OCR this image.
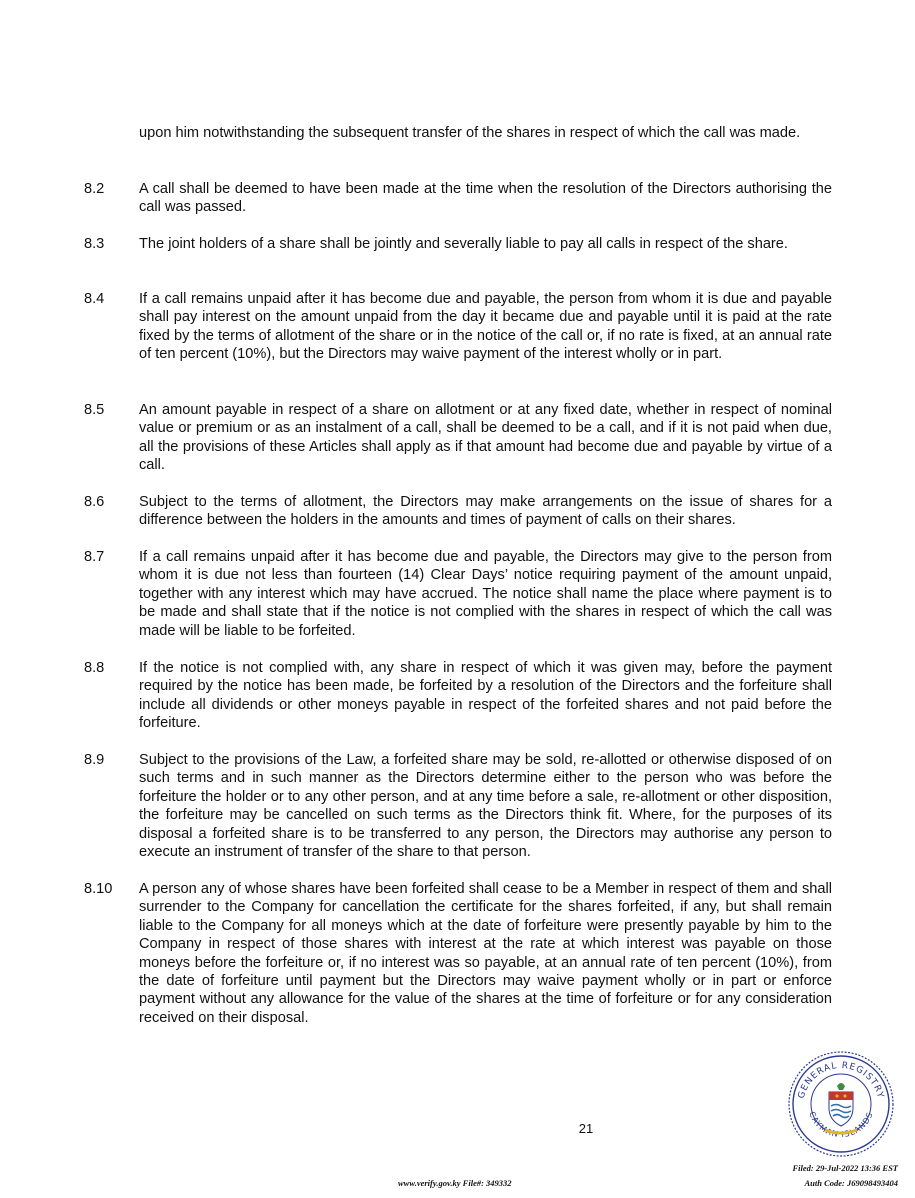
upon him notwithstanding the subsequent transfer of the shares in respect of which the call was made.

8.2	A call shall be deemed to have been made at the time when the resolution of the Directors authorising the call was passed.
8.3	The joint holders of a share shall be jointly and severally liable to pay all calls in respect of the share.
8.4	If a call remains unpaid after it has become due and payable, the person from whom it is due and payable shall pay interest on the amount unpaid from the day it became due and payable until it is paid at the rate fixed by the terms of allotment of the share or in the notice of the call or, if no rate is fixed, at an annual rate of ten percent (10%), but the Directors may waive payment of the interest wholly or in part.
8.5	An amount payable in respect of a share on allotment or at any fixed date, whether in respect of nominal value or premium or as an instalment of a call, shall be deemed to be a call, and if it is not paid when due, all the provisions of these Articles shall apply as if that amount had become due and payable by virtue of a call.
8.6	Subject to the terms of allotment, the Directors may make arrangements on the issue of shares for a difference between the holders in the amounts and times of payment of calls on their shares.
8.7	If a call remains unpaid after it has become due and payable, the Directors may give to the person from whom it is due not less than fourteen (14) Clear Days’ notice requiring payment of the amount unpaid, together with any interest which may have accrued. The notice shall name the place where payment is to be made and shall state that if the notice is not complied with the shares in respect of which the call was made will be liable to be forfeited.
8.8	If the notice is not complied with, any share in respect of which it was given may, before the payment required by the notice has been made, be forfeited by a resolution of the Directors and the forfeiture shall include all dividends or other moneys payable in respect of the forfeited shares and not paid before the forfeiture.
8.9	Subject to the provisions of the Law, a forfeited share may be sold, re-allotted or otherwise disposed of on such terms and in such manner as the Directors determine either to the person who was before the forfeiture the holder or to any other person, and at any time before a sale, re-allotment or other disposition, the forfeiture may be cancelled on such terms as the Directors think fit. Where, for the purposes of its disposal a forfeited share is to be transferred to any person, the Directors may authorise any person to execute an instrument of transfer of the share to that person.
8.10	A person any of whose shares have been forfeited shall cease to be a Member in respect of them and shall surrender to the Company for cancellation the certificate for the shares forfeited, if any, but shall remain liable to the Company for all moneys which at the date of forfeiture were presently payable by him to the Company in respect of those shares with interest at the rate at which interest was payable on those moneys before the forfeiture or, if no interest was so payable, at an annual rate of ten percent (10%), from the date of forfeiture until payment but the Directors may waive payment wholly or in part or enforce payment without any allowance for the value of the shares at the time of forfeiture or for any consideration received on their disposal.
21
GENERAL REGISTRY
CAYMAN ISLANDS
www.verify.gov.ky File#: 349332
Filed: 29-Jul-2022 13:36 EST
Auth Code: J69098493404
